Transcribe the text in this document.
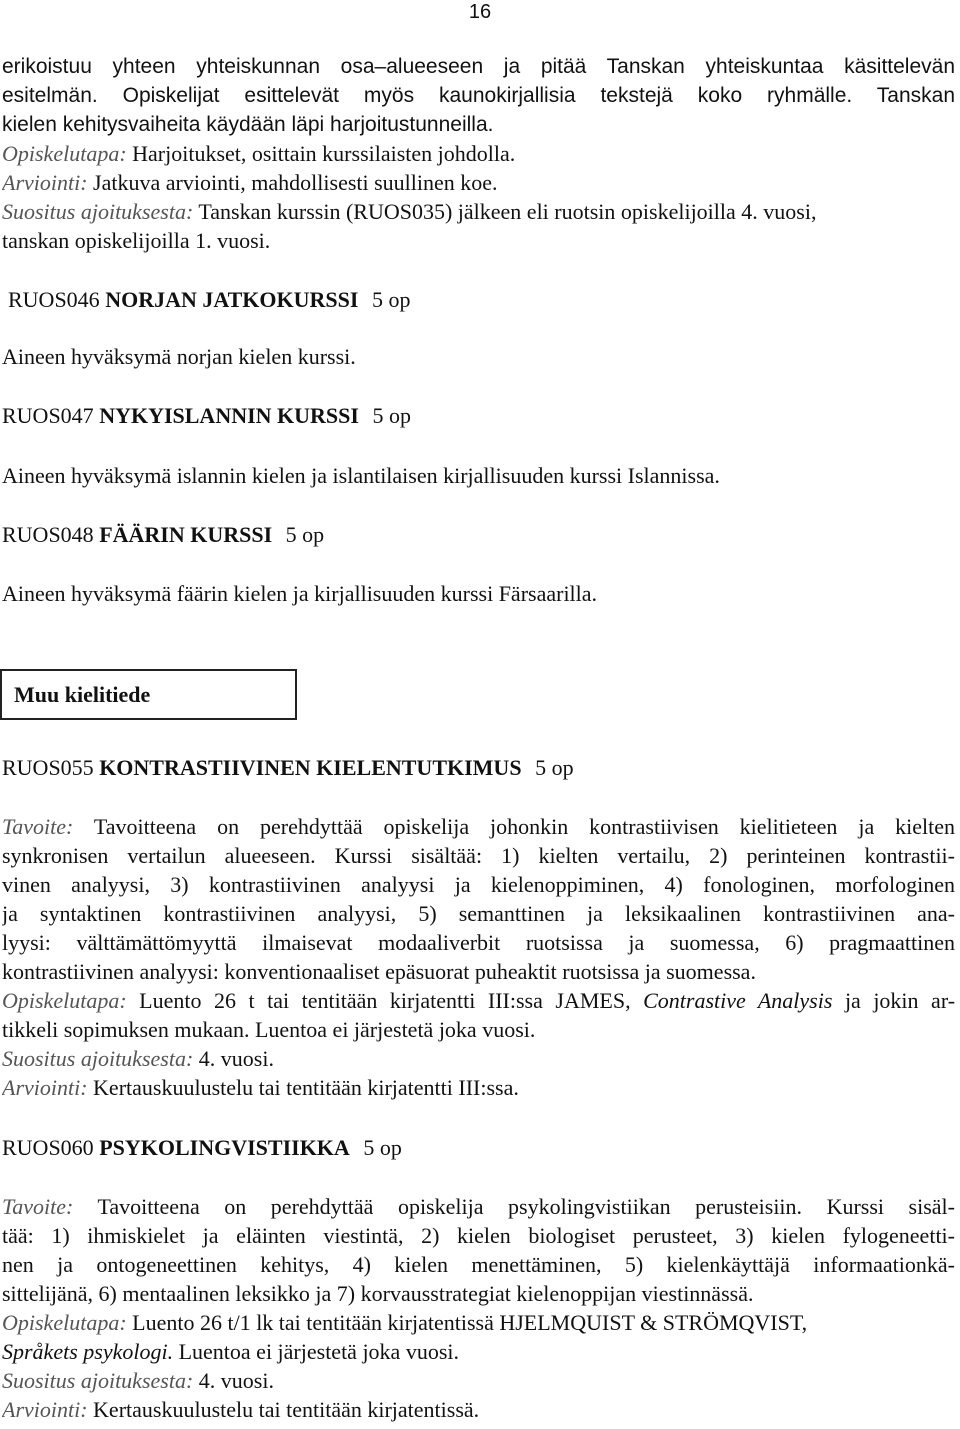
16
erikoistuu yhteen yhteiskunnan osa–alueeseen ja pitää Tanskan yhteiskuntaa käsittelevän
esitelmän. Opiskelijat esittelevät myös kaunokirjallisia tekstejä koko ryhmälle. Tanskan
kielen kehitysvaiheita käydään läpi harjoitustunneilla.
Opiskelutapa: Harjoitukset, osittain kurssilaisten johdolla.
Arviointi: Jatkuva arviointi, mahdollisesti suullinen koe.
Suositus ajoituksesta: Tanskan kurssin (RUOS035) jälkeen eli ruotsin opiskelijoilla 4. vuosi,
tanskan opiskelijoilla 1. vuosi.
RUOS046 NORJAN JATKOKURSSI 5 op
Aineen hyväksymä norjan kielen kurssi.
RUOS047 NYKYISLANNIN KURSSI 5 op
Aineen hyväksymä islannin kielen ja islantilaisen kirjallisuuden kurssi Islannissa.
RUOS048 FÄÄRIN KURSSI 5 op
Aineen hyväksymä fäärin kielen ja kirjallisuuden kurssi Färsaarilla.
Muu kielitiede
RUOS055 KONTRASTIIVINEN KIELENTUTKIMUS 5 op
Tavoite: Tavoitteena on perehdyttää opiskelija johonkin kontrastiivisen kielitieteen ja kielten
synkronisen vertailun alueeseen. Kurssi sisältää: 1) kielten vertailu, 2) perinteinen kontrastii-
vinen analyysi, 3) kontrastiivinen analyysi ja kielenoppiminen, 4) fonologinen, morfologinen
ja syntaktinen kontrastiivinen analyysi, 5) semanttinen ja leksikaalinen kontrastiivinen ana-
lyysi: välttämättömyyttä ilmaisevat modaaliverbit ruotsissa ja suomessa, 6) pragmaattinen
kontrastiivinen analyysi: konventionaaliset epäsuorat puheaktit ruotsissa ja suomessa.
Opiskelutapa: Luento 26 t tai tentitään kirjatentti III:ssa JAMES, Contrastive Analysis ja jokin ar-
tikkeli sopimuksen mukaan. Luentoa ei järjestetä joka vuosi.
Suositus ajoituksesta: 4. vuosi.
Arviointi: Kertauskuulustelu tai tentitään kirjatentti III:ssa.
RUOS060 PSYKOLINGVISTIIKKA 5 op
Tavoite: Tavoitteena on perehdyttää opiskelija psykolingvistiikan perusteisiin. Kurssi sisäl-
tää: 1) ihmiskielet ja eläinten viestintä, 2) kielen biologiset perusteet, 3) kielen fylogeneetti-
nen ja ontogeneettinen kehitys, 4) kielen menettäminen, 5) kielenkäyttäjä informaationkä-
sittelijänä, 6) mentaalinen leksikko ja 7) korvausstrategiat kielenoppijan viestinnässä.
Opiskelutapa: Luento 26 t/1 lk tai tentitään kirjatentissä HJELMQUIST & STRÖMQVIST,
Språkets psykologi. Luentoa ei järjestetä joka vuosi.
Suositus ajoituksesta: 4. vuosi.
Arviointi: Kertauskuulustelu tai tentitään kirjatentissä.
